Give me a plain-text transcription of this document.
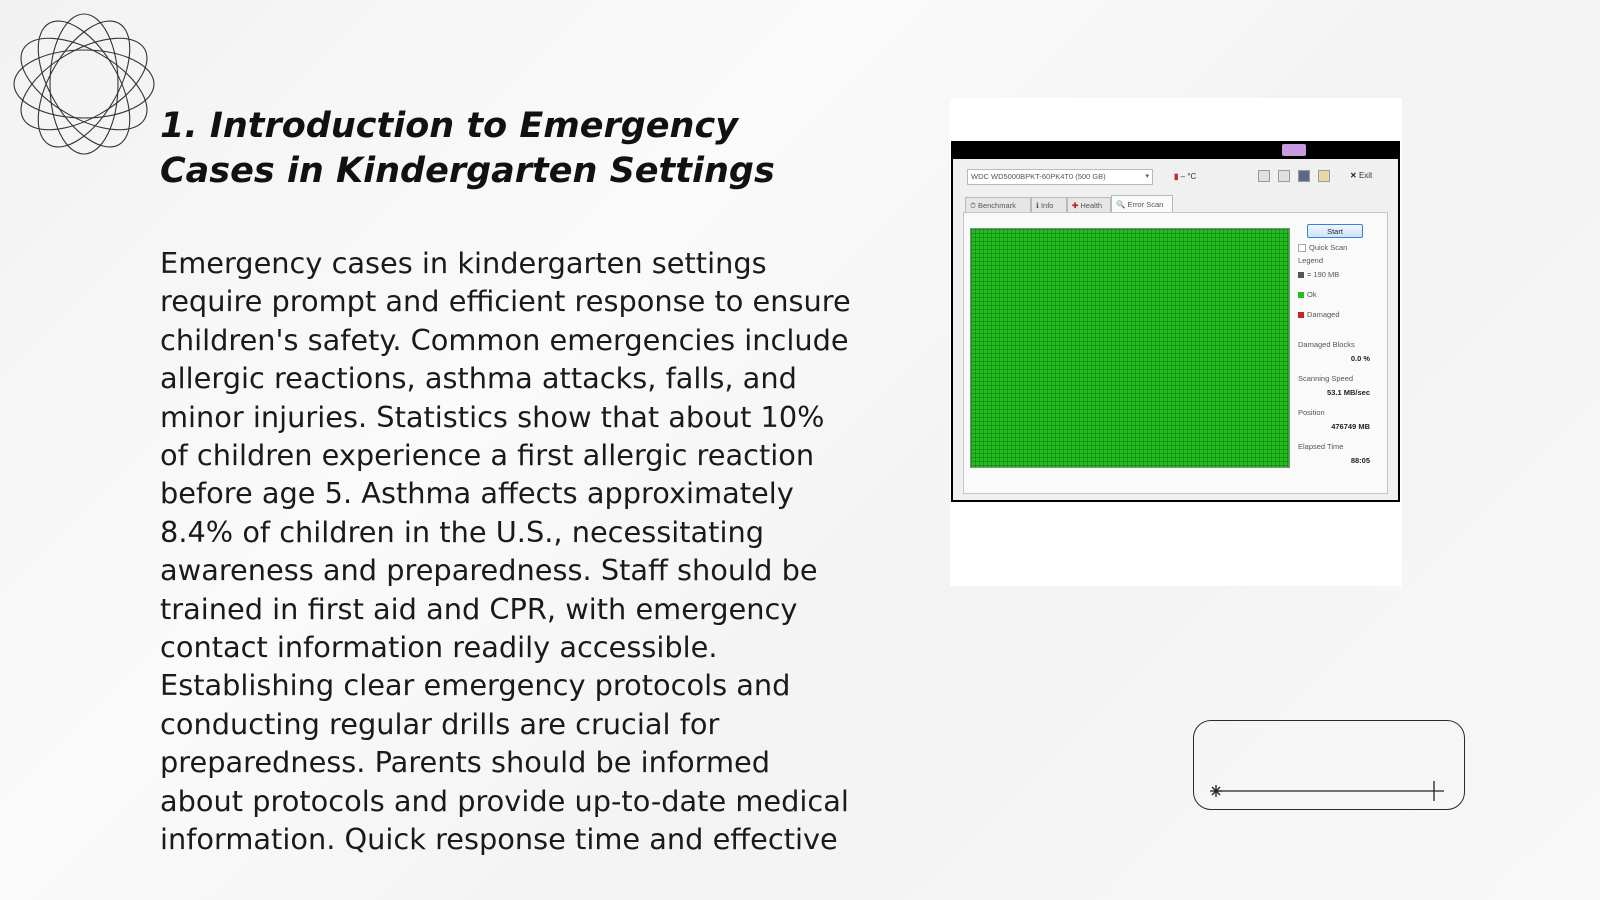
1. Introduction to Emergency Cases in Kindergarten Settings

Emergency cases in kindergarten settings require prompt and efficient response to ensure children's safety. Common emergencies include allergic reactions, asthma attacks, falls, and minor injuries. Statistics show that about 10% of children experience a first allergic reaction before age 5. Asthma affects approximately 8.4% of children in the U.S., necessitating awareness and preparedness. Staff should be trained in first aid and CPR, with emergency contact information readily accessible. Establishing clear emergency protocols and conducting regular drills are crucial for preparedness. Parents should be informed about protocols and provide up-to-date medical information. Quick response time and effective

WDC WD5000BPKT-60PK4T0 (500 GB)	▾	▮ – °C	✕ Exit
⏱ Benchmark	ℹ Info	✚ Health	🔍 Error Scan
Start
Quick Scan
Legend
= 190 MB
Ok
Damaged
Damaged Blocks
0.0 %
Scanning Speed
53.1 MB/sec
Position
476749 MB
Elapsed Time
88:05
